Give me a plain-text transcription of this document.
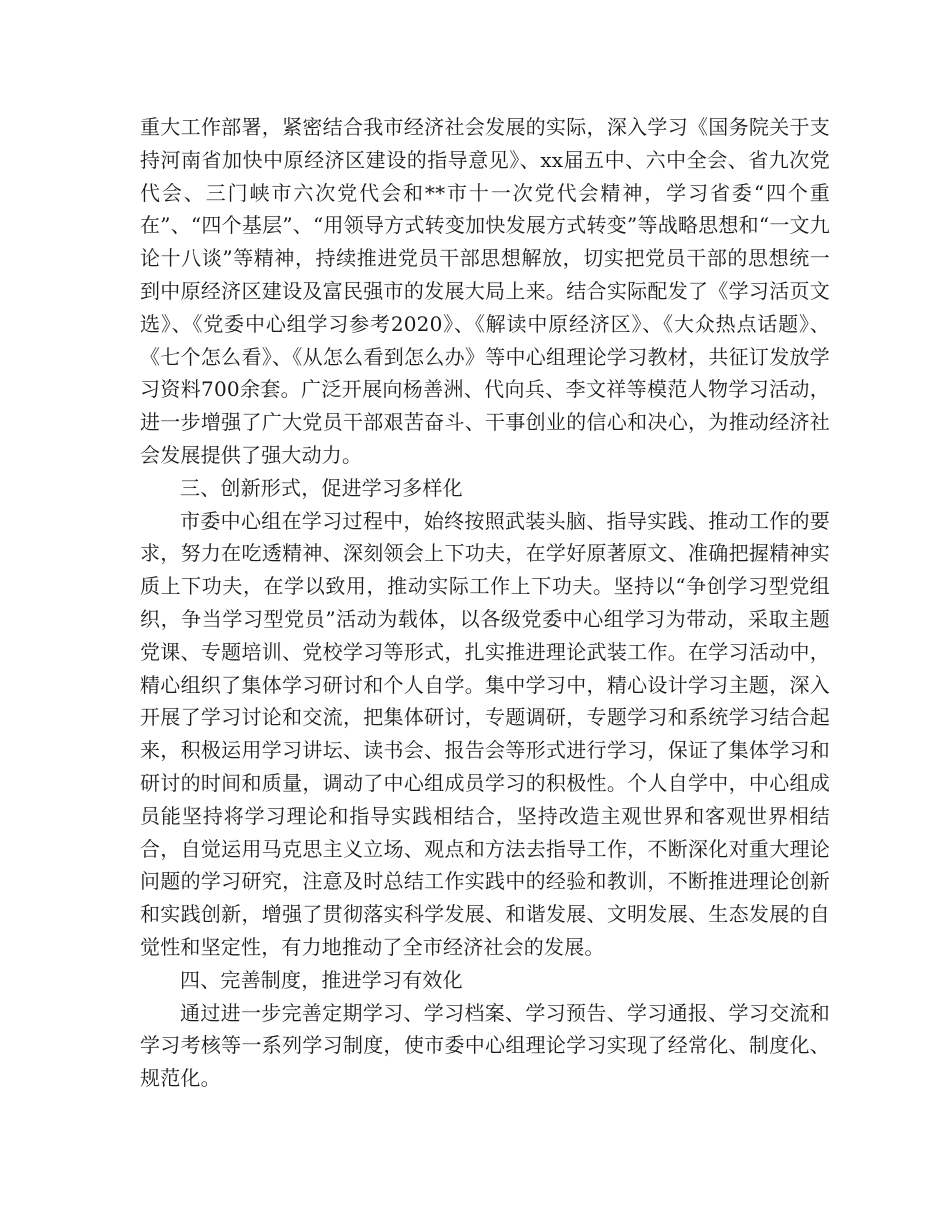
重大工作部署，紧密结合我市经济社会发展的实际，深入学习《国务院关于支持河南省加快中原经济区建设的指导意见》、xx届五中、六中全会、省九次党代会、三门峡市六次党代会和**市十一次党代会精神，学习省委“四个重在”、“四个基层”、“用领导方式转变加快发展方式转变”等战略思想和“一文九论十八谈”等精神，持续推进党员干部思想解放，切实把党员干部的思想统一到中原经济区建设及富民强市的发展大局上来。结合实际配发了《学习活页文选》、《党委中心组学习参考2020》、《解读中原经济区》、《大众热点话题》、《七个怎么看》、《从怎么看到怎么办》等中心组理论学习教材，共征订发放学习资料700余套。广泛开展向杨善洲、代向兵、李文祥等模范人物学习活动，进一步增强了广大党员干部艰苦奋斗、干事创业的信心和决心，为推动经济社会发展提供了强大动力。

三、创新形式，促进学习多样化

市委中心组在学习过程中，始终按照武装头脑、指导实践、推动工作的要求，努力在吃透精神、深刻领会上下功夫，在学好原著原文、准确把握精神实质上下功夫，在学以致用，推动实际工作上下功夫。坚持以“争创学习型党组织，争当学习型党员”活动为载体，以各级党委中心组学习为带动，采取主题党课、专题培训、党校学习等形式，扎实推进理论武装工作。在学习活动中，精心组织了集体学习研讨和个人自学。集中学习中，精心设计学习主题，深入开展了学习讨论和交流，把集体研讨，专题调研，专题学习和系统学习结合起来，积极运用学习讲坛、读书会、报告会等形式进行学习，保证了集体学习和研讨的时间和质量，调动了中心组成员学习的积极性。个人自学中，中心组成员能坚持将学习理论和指导实践相结合，坚持改造主观世界和客观世界相结合，自觉运用马克思主义立场、观点和方法去指导工作，不断深化对重大理论问题的学习研究，注意及时总结工作实践中的经验和教训，不断推进理论创新和实践创新，增强了贯彻落实科学发展、和谐发展、文明发展、生态发展的自觉性和坚定性，有力地推动了全市经济社会的发展。

四、完善制度，推进学习有效化

通过进一步完善定期学习、学习档案、学习预告、学习通报、学习交流和学习考核等一系列学习制度，使市委中心组理论学习实现了经常化、制度化、规范化。
